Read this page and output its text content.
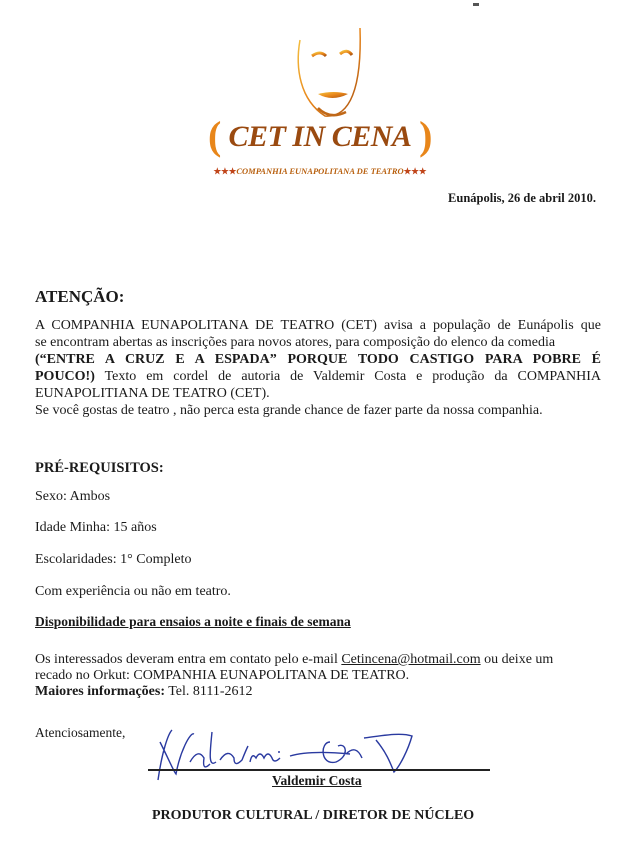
( CET IN CENA )
★★★COMPANHIA EUNAPOLITANA DE TEATRO★★★
Eunápolis, 26 de abril 2010.
ATENÇÃO:

A COMPANHIA EUNAPOLITANA DE TEATRO (CET) avisa a população de Eunápolis que

se encontram abertas as inscrições para novos atores, para composição do elenco da comedia

(“ENTRE A CRUZ E A ESPADA” PORQUE TODO CASTIGO PARA POBRE É

POUCO!) Texto em cordel de autoria de Valdemir Costa e produção da COMPANHIA

EUNAPOLITIANA DE TEATRO (CET).

Se você gostas de teatro , não perca esta grande chance de fazer parte da nossa companhia.

PRÉ-REQUISITOS:
Sexo: Ambos
Idade Minha: 15 años
Escolaridades: 1° Completo
Com experiência ou não em teatro.
Disponibilidade para ensaios a noite e finais de semana
Os interessados deveram entra em contato pelo e-mail Cetincena@hotmail.com ou deixe um
recado no Orkut: COMPANHIA EUNAPOLITANA DE TEATRO.
Maiores informações: Tel. 8111-2612
Atenciosamente,
Valdemir Costa
PRODUTOR CULTURAL / DIRETOR DE NÚCLEO
